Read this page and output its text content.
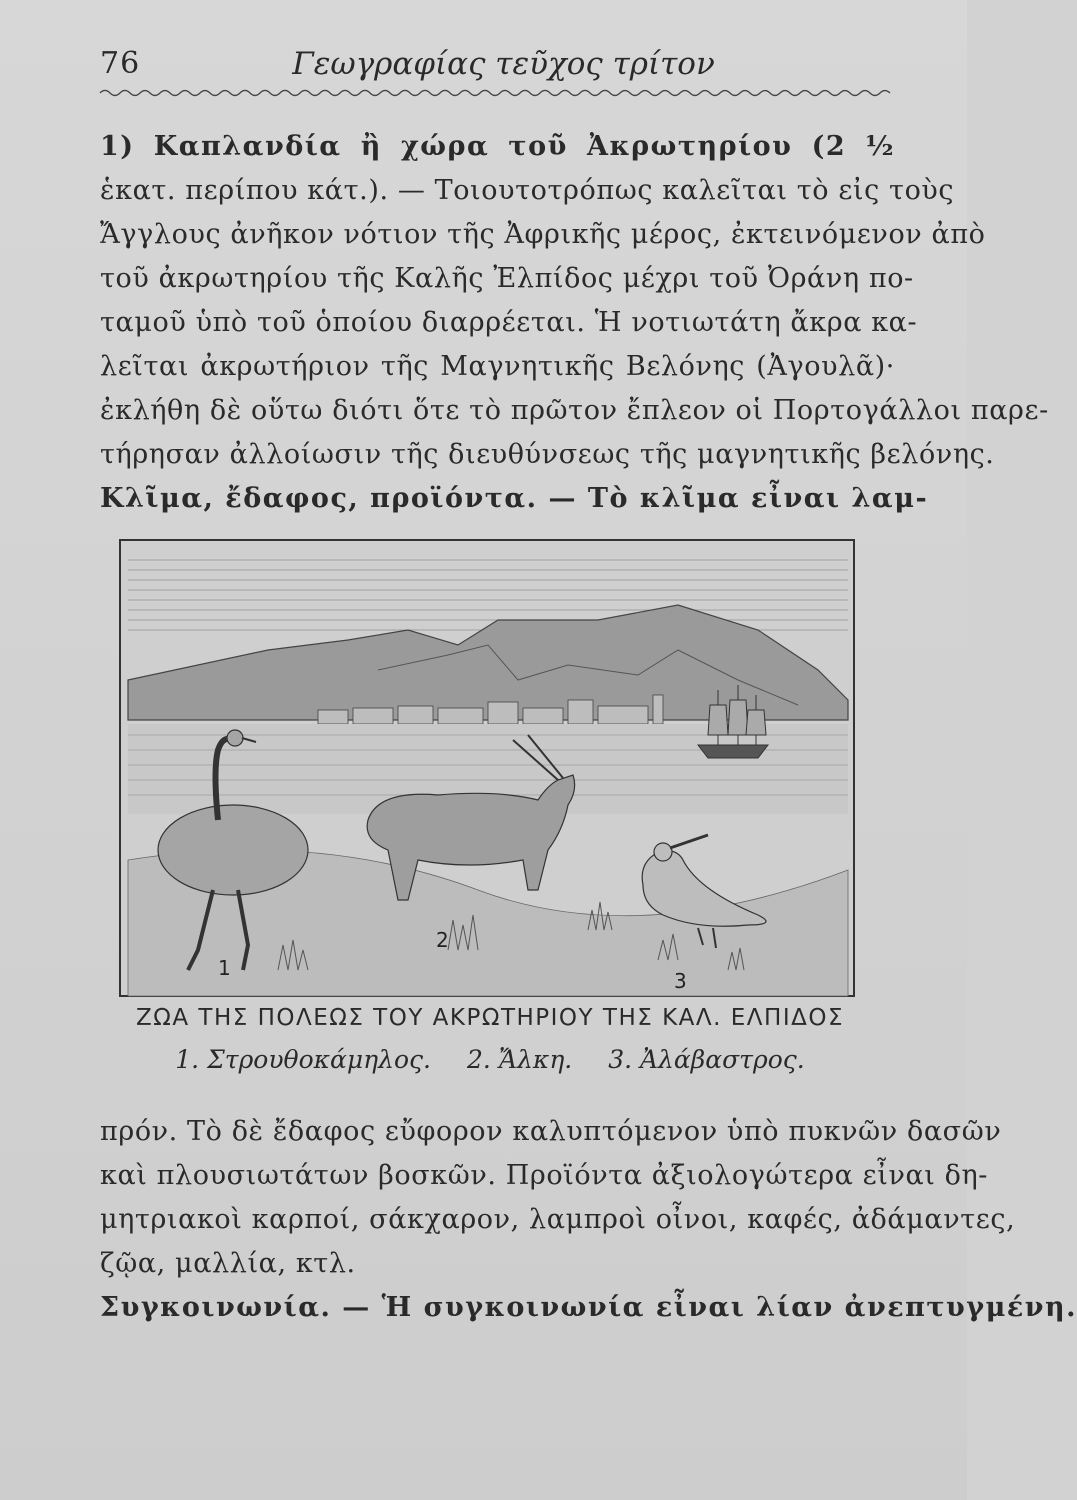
76	Γεωγραφίας τεῦχος τρίτον
1) Καπλανδία ἢ χώρα τοῦ Ἀκρωτηρίου (2 ½
ἑκατ. περίπου κάτ.). — Τοιουτοτρόπως καλεῖται τὸ εἰς τοὺς
Ἄγγλους ἀνῆκον νότιον τῆς Ἀφρικῆς μέρος, ἐκτεινόμενον ἀπὸ
τοῦ ἀκρωτηρίου τῆς Καλῆς Ἐλπίδος μέχρι τοῦ Ὀράνη πο-
ταμοῦ ὑπὸ τοῦ ὁποίου διαρρέεται. Ἡ νοτιωτάτη ἄκρα κα-
λεῖται ἀκρωτήριον τῆς Μαγνητικῆς Βελόνης (Ἀγουλᾶ)·
ἐκλήθη δὲ οὕτω διότι ὅτε τὸ πρῶτον ἔπλεον οἱ Πορτογάλλοι παρε-
τήρησαν ἀλλοίωσιν τῆς διευθύνσεως τῆς μαγνητικῆς βελόνης.
Κλῖμα, ἔδαφος, προϊόντα. — Τὸ κλῖμα εἶναι λαμ-
1
2
3
ΖΩΑ ΤΗΣ ΠΟΛΕΩΣ ΤΟΥ ΑΚΡΩΤΗΡΙΟΥ ΤΗΣ ΚΑΛ. ΕΛΠΙΔΟΣ
1. Στρουθοκάμηλος. 2. Ἄλκη. 3. Ἀλάβαστρος.
πρόν. Τὸ δὲ ἔδαφος εὔφορον καλυπτόμενον ὑπὸ πυκνῶν δασῶν
καὶ πλουσιωτάτων βοσκῶν. Προϊόντα ἀξιολογώτερα εἶναι δη-
μητριακοὶ καρποί, σάκχαρον, λαμπροὶ οἶνοι, καφές, ἀδάμαντες,
ζῷα, μαλλία, κτλ.
Συγκοινωνία. — Ἡ συγκοινωνία εἶναι λίαν ἀνεπτυγμένη.
